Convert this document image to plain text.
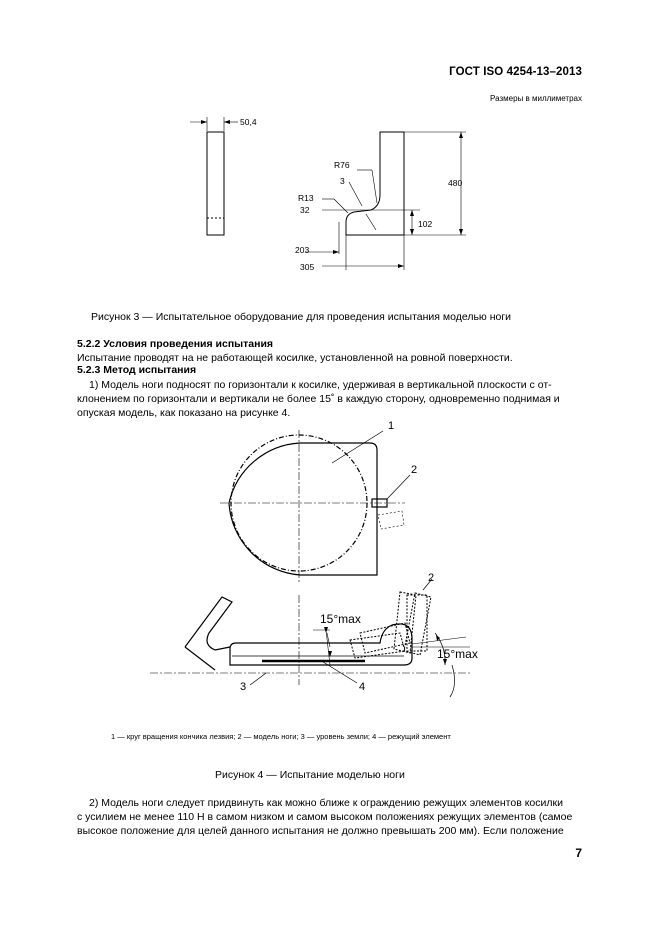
ГОСТ ISO 4254-13–2013
Размеры в миллиметрах
50,4
R76
3
R13
32
480
102
203
305
Рисунок 3 — Испытательное оборудование для проведения испытания моделью ноги
5.2.2 Условия проведения испытания
Испытание проводят на не работающей косилке, установленной на ровной поверхности.
5.2.3 Метод испытания
1) Модель ноги подносят по горизонтали к косилке, удерживая в вертикальной плоскости с от-
клонением по горизонтали и вертикали не более 15˚ в каждую сторону, одновременно поднимая и
опуская модель, как показано на рисунке 4.
1
2
2
3	4
15°max
15°max
1 — круг вращения кончика лезвия; 2 — модель ноги; 3 — уровень земли; 4 — режущий элемент
Рисунок 4 — Испытание моделью ноги
2) Модель ноги следует придвинуть как можно ближе к ограждению режущих элементов косилки
с усилием не менее 110 Н в самом низком и самом высоком положениях режущих элементов (самое
высокое положение для целей данного испытания не должно превышать 200 мм). Если положение
7
